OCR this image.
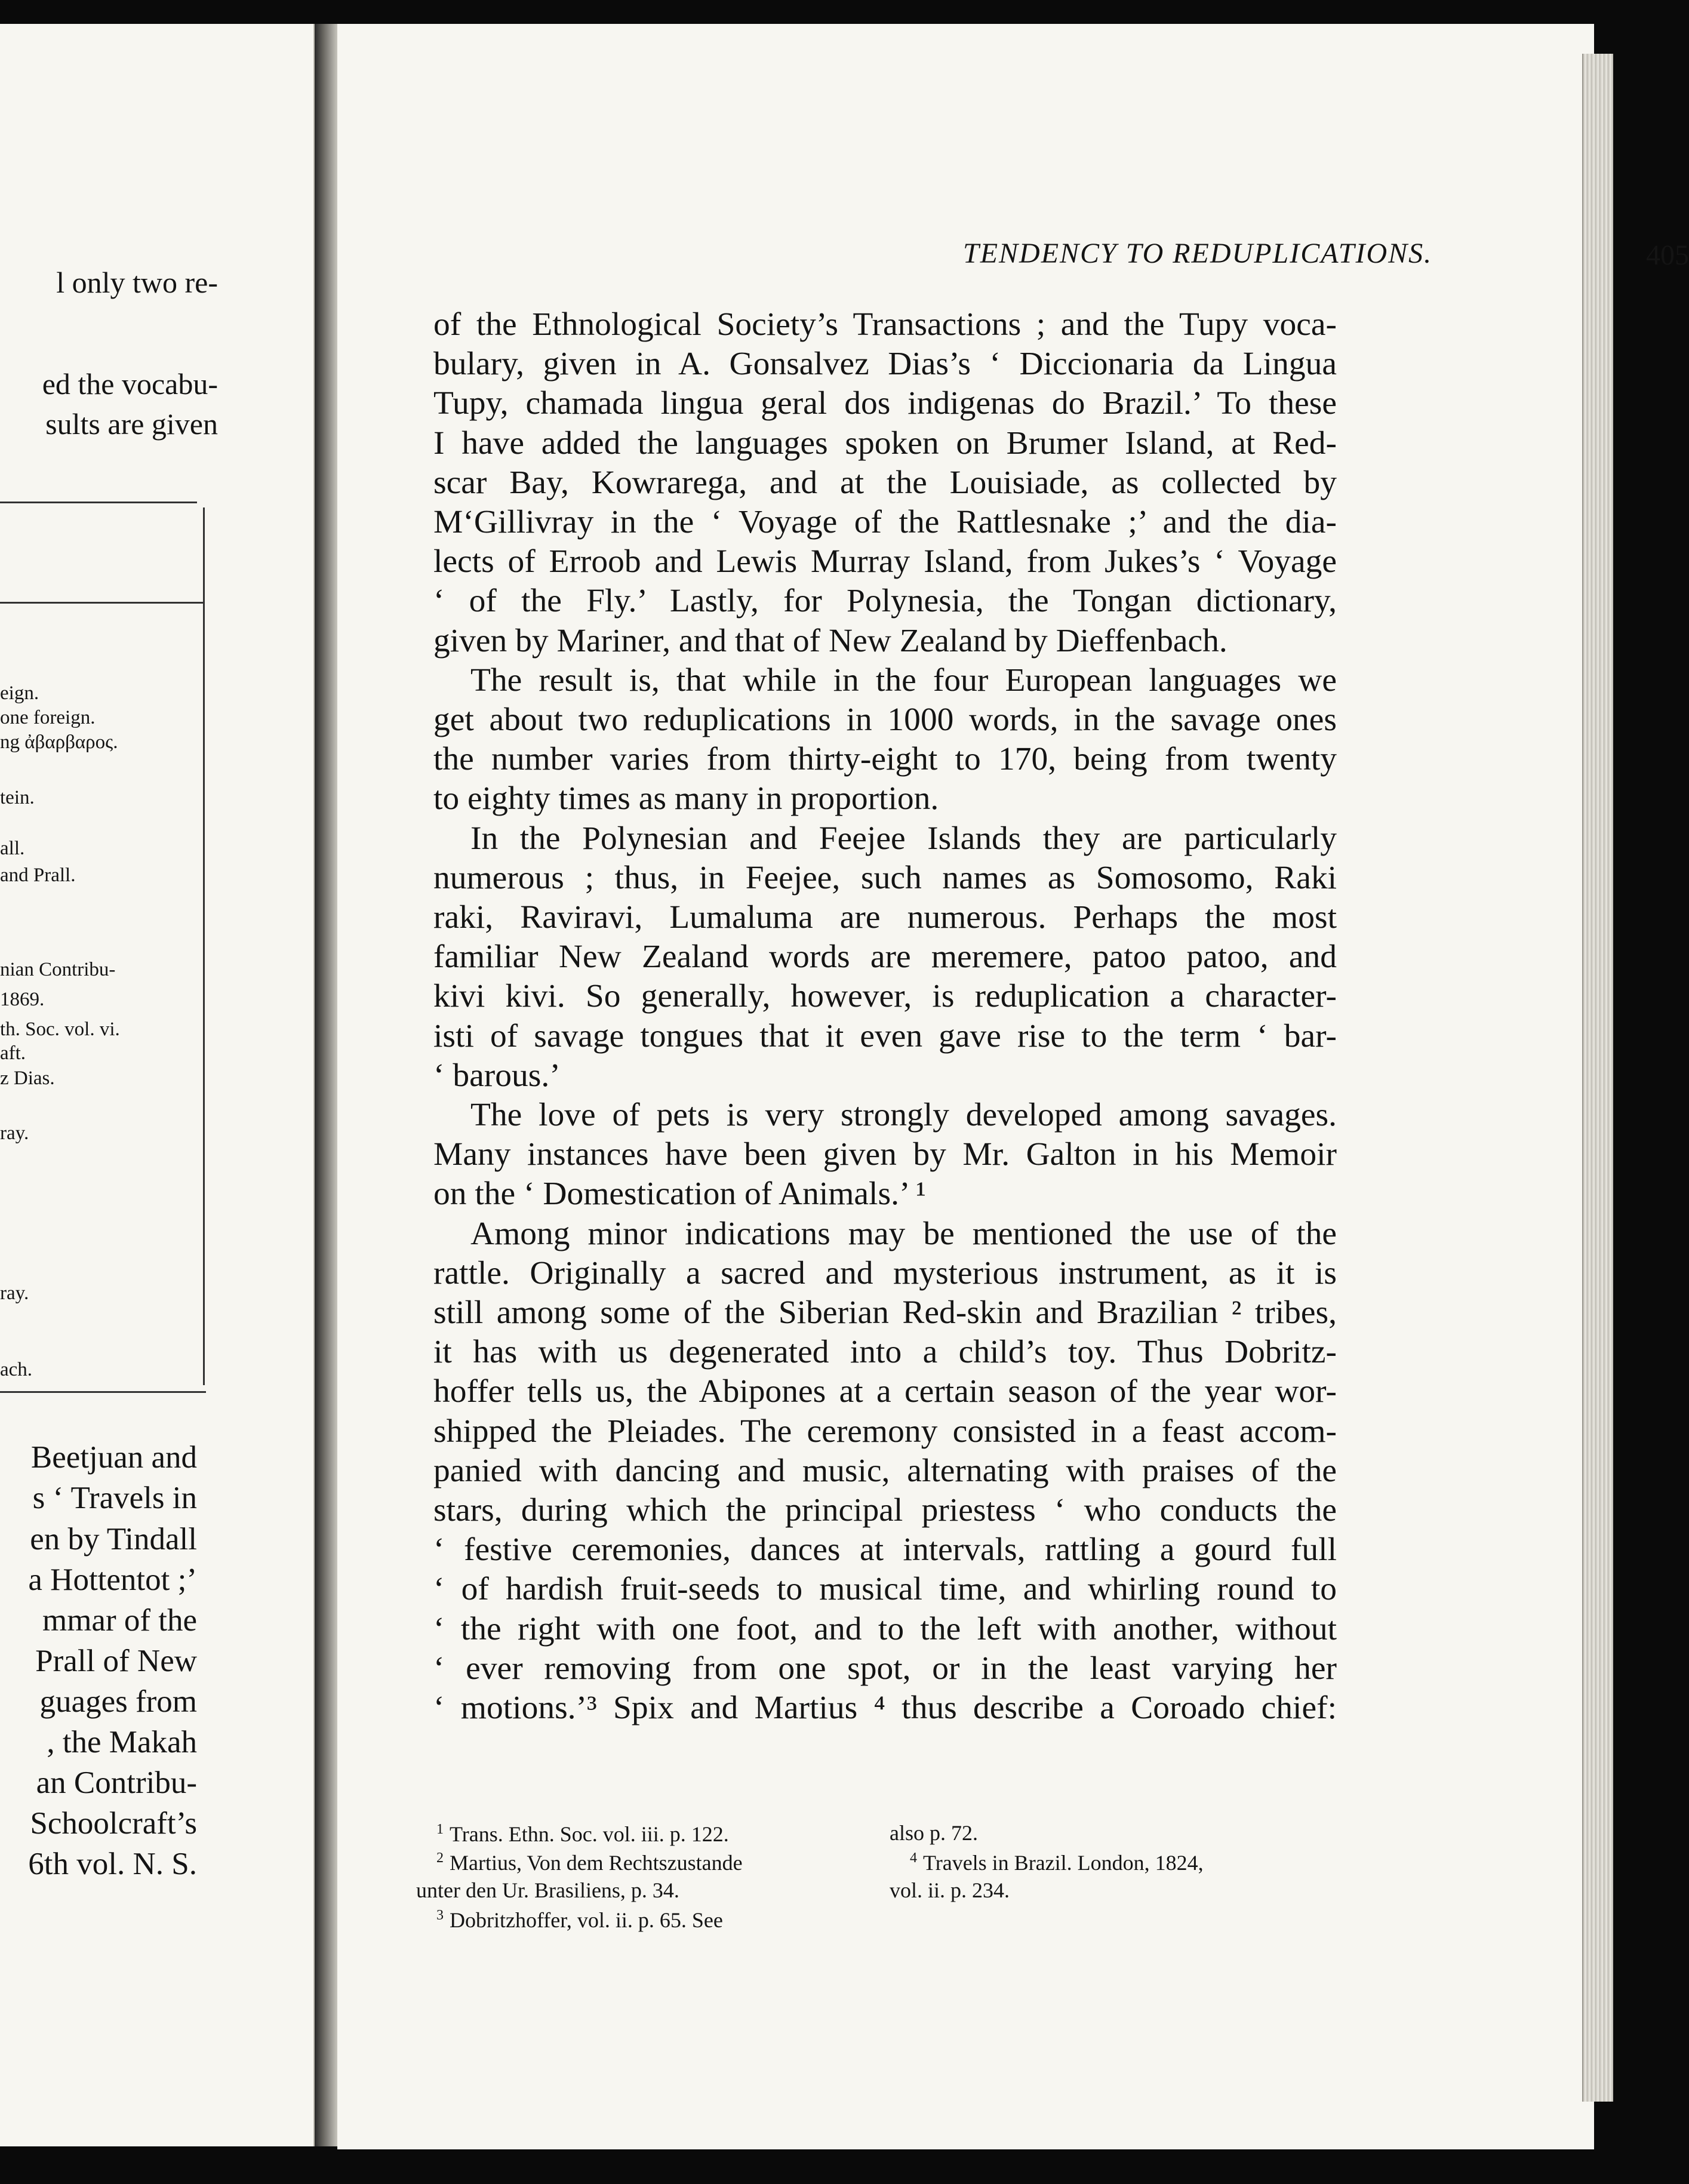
l only two re-
ed the vocabu-
sults are given
eign.
one foreign.
ng ἀβαρβαρος.
tein.
all.
and Prall.
nian Contribu-
1869.
th. Soc. vol. vi.
aft.
z Dias.
ray.
ray.
ach.
Beetjuan and
s ‘ Travels in
en by Tindall
a Hottentot ;’
mmar of the
Prall of New
guages from
, the Makah
an Contribu-
Schoolcraft’s
6th vol. N. S.
TENDENCY TO REDUPLICATIONS.	405
of the Ethnological Society’s Transactions ; and the Tupy voca-
bulary, given in A. Gonsalvez Dias’s ‘ Diccionaria da Lingua
Tupy, chamada lingua geral dos indigenas do Brazil.’ To these
I have added the languages spoken on Brumer Island, at Red-
scar Bay, Kowrarega, and at the Louisiade, as collected by
M‘Gillivray in the ‘ Voyage of the Rattlesnake ;’ and the dia-
lects of Erroob and Lewis Murray Island, from Jukes’s ‘ Voyage
‘ of the Fly.’ Lastly, for Polynesia, the Tongan dictionary,
given by Mariner, and that of New Zealand by Dieffenbach.
The result is, that while in the four European languages we
get about two reduplications in 1000 words, in the savage ones
the number varies from thirty-eight to 170, being from twenty
to eighty times as many in proportion.
In the Polynesian and Feejee Islands they are particularly
numerous ; thus, in Feejee, such names as Somosomo, Raki
raki, Raviravi, Lumaluma are numerous. Perhaps the most
familiar New Zealand words are meremere, patoo patoo, and
kivi kivi. So generally, however, is reduplication a character-
isti of savage tongues that it even gave rise to the term ‘ bar-
‘ barous.’
The love of pets is very strongly developed among savages.
Many instances have been given by Mr. Galton in his Memoir
on the ‘ Domestication of Animals.’ ¹
Among minor indications may be mentioned the use of the
rattle. Originally a sacred and mysterious instrument, as it is
still among some of the Siberian Red-skin and Brazilian ² tribes,
it has with us degenerated into a child’s toy. Thus Dobritz-
hoffer tells us, the Abipones at a certain season of the year wor-
shipped the Pleiades. The ceremony consisted in a feast accom-
panied with dancing and music, alternating with praises of the
stars, during which the principal priestess ‘ who conducts the
‘ festive ceremonies, dances at intervals, rattling a gourd full
‘ of hardish fruit-seeds to musical time, and whirling round to
‘ the right with one foot, and to the left with another, without
‘ ever removing from one spot, or in the least varying her
‘ motions.’³ Spix and Martius ⁴ thus describe a Coroado chief:
$^1$ Trans. Ethn. Soc. vol. iii. p. 122.
$^2$ Martius, Von dem Rechtszustande
unter den Ur. Brasiliens, p. 34.
$^3$ Dobritzhoffer, vol. ii. p. 65. See
also p. 72.
$^4$ Travels in Brazil. London, 1824,
vol. ii. p. 234.
